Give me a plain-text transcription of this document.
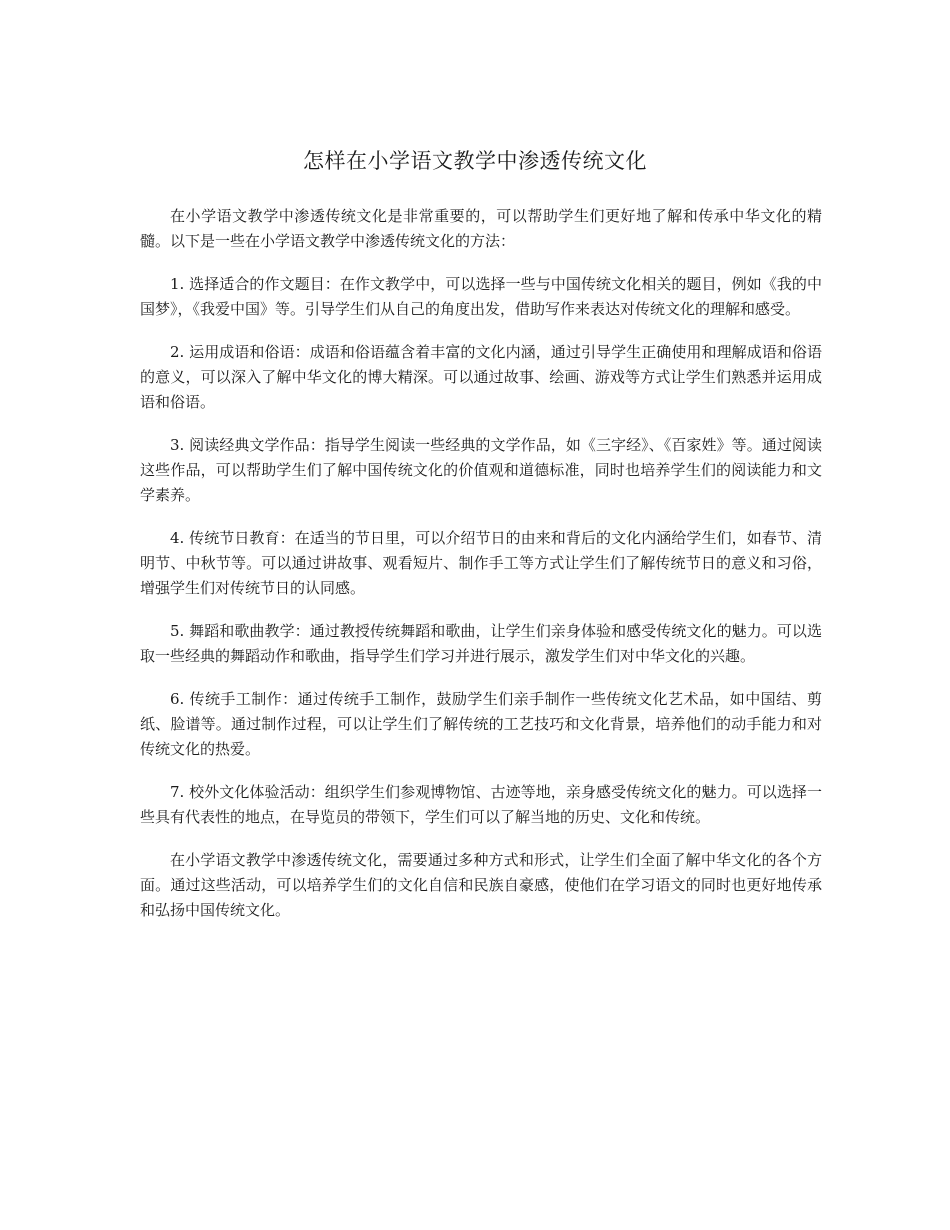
怎样在小学语文教学中渗透传统文化

在小学语文教学中渗透传统文化是非常重要的，可以帮助学生们更好地了解和传承中华文化的精髓。以下是一些在小学语文教学中渗透传统文化的方法：

1. 选择适合的作文题目：在作文教学中，可以选择一些与中国传统文化相关的题目，例如《我的中国梦》，《我爱中国》等。引导学生们从自己的角度出发，借助写作来表达对传统文化的理解和感受。

2. 运用成语和俗语：成语和俗语蕴含着丰富的文化内涵，通过引导学生正确使用和理解成语和俗语的意义，可以深入了解中华文化的博大精深。可以通过故事、绘画、游戏等方式让学生们熟悉并运用成语和俗语。

3. 阅读经典文学作品：指导学生阅读一些经典的文学作品，如《三字经》、《百家姓》等。通过阅读这些作品，可以帮助学生们了解中国传统文化的价值观和道德标准，同时也培养学生们的阅读能力和文学素养。

4. 传统节日教育：在适当的节日里，可以介绍节日的由来和背后的文化内涵给学生们，如春节、清明节、中秋节等。可以通过讲故事、观看短片、制作手工等方式让学生们了解传统节日的意义和习俗，增强学生们对传统节日的认同感。

5. 舞蹈和歌曲教学：通过教授传统舞蹈和歌曲，让学生们亲身体验和感受传统文化的魅力。可以选取一些经典的舞蹈动作和歌曲，指导学生们学习并进行展示，激发学生们对中华文化的兴趣。

6. 传统手工制作：通过传统手工制作，鼓励学生们亲手制作一些传统文化艺术品，如中国结、剪纸、脸谱等。通过制作过程，可以让学生们了解传统的工艺技巧和文化背景，培养他们的动手能力和对传统文化的热爱。

7. 校外文化体验活动：组织学生们参观博物馆、古迹等地，亲身感受传统文化的魅力。可以选择一些具有代表性的地点，在导览员的带领下，学生们可以了解当地的历史、文化和传统。

在小学语文教学中渗透传统文化，需要通过多种方式和形式，让学生们全面了解中华文化的各个方面。通过这些活动，可以培养学生们的文化自信和民族自豪感，使他们在学习语文的同时也更好地传承和弘扬中国传统文化。
